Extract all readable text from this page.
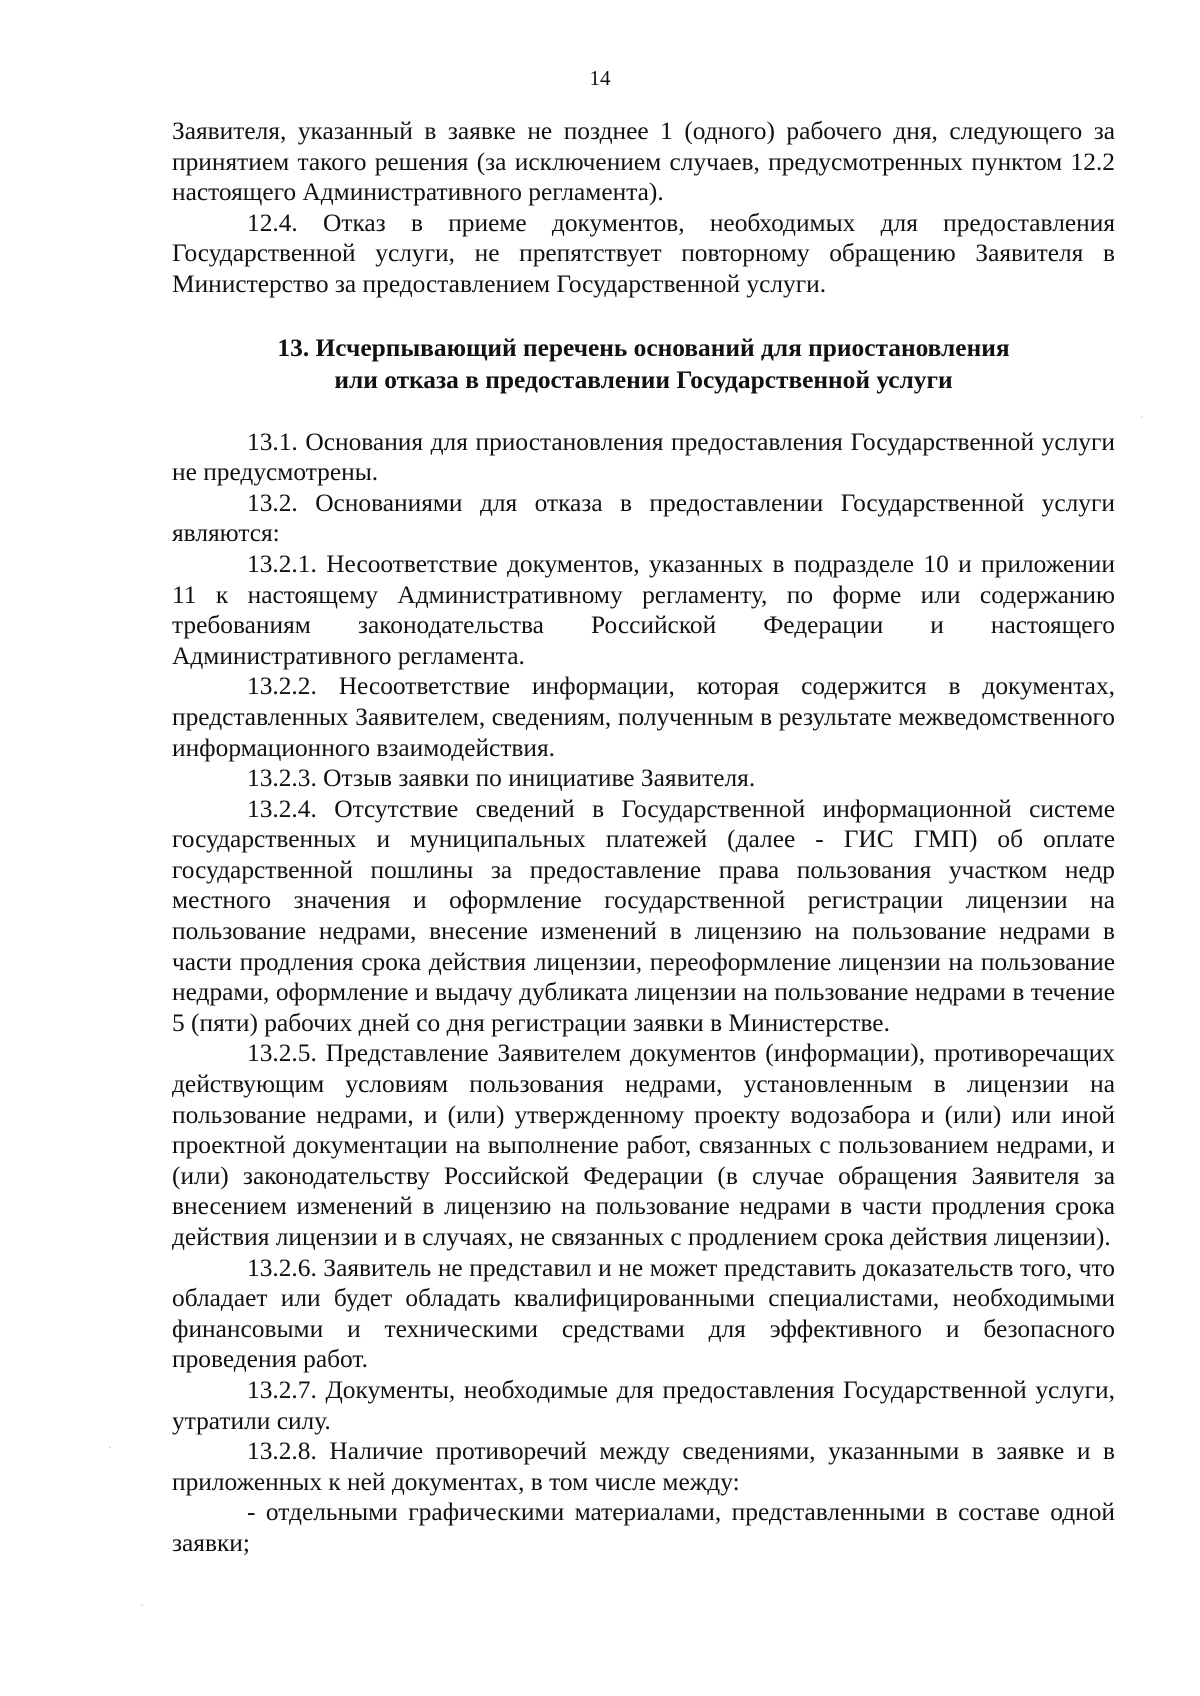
14

Заявителя, указанный в заявке не позднее 1 (одного) рабочего дня, следующего за принятием такого решения (за исключением случаев, предусмотренных пунктом 12.2 настоящего Административного регламента).

12.4. Отказ в приеме документов, необходимых для предоставления Государственной услуги, не препятствует повторному обращению Заявителя в Министерство за предоставлением Государственной услуги.

13. Исчерпывающий перечень оснований для приостановления
или отказа в предоставлении Государственной услуги

13.1. Основания для приостановления предоставления Государственной услуги не предусмотрены.

13.2. Основаниями для отказа в предоставлении Государственной услуги являются:

13.2.1. Несоответствие документов, указанных в подразделе 10 и приложении 11 к настоящему Административному регламенту, по форме или содержанию требованиям законодательства Российской Федерации и настоящего Административного регламента.

13.2.2. Несоответствие информации, которая содержится в документах, представленных Заявителем, сведениям, полученным в результате межведомственного информационного взаимодействия.

13.2.3. Отзыв заявки по инициативе Заявителя.

13.2.4. Отсутствие сведений в Государственной информационной системе государственных и муниципальных платежей (далее - ГИС ГМП) об оплате государственной пошлины за предоставление права пользования участком недр местного значения и оформление государственной регистрации лицензии на пользование недрами, внесение изменений в лицензию на пользование недрами в части продления срока действия лицензии, переоформление лицензии на пользование недрами, оформление и выдачу дубликата лицензии на пользование недрами в течение 5 (пяти) рабочих дней со дня регистрации заявки в Министерстве.

13.2.5. Представление Заявителем документов (информации), противоречащих действующим условиям пользования недрами, установленным в лицензии на пользование недрами, и (или) утвержденному проекту водозабора и (или) или иной проектной документации на выполнение работ, связанных с пользованием недрами, и (или) законодательству Российской Федерации (в случае обращения Заявителя за внесением изменений в лицензию на пользование недрами в части продления срока действия лицензии и в случаях, не связанных с продлением срока действия лицензии).

13.2.6. Заявитель не представил и не может представить доказательств того, что обладает или будет обладать квалифицированными специалистами, необходимыми финансовыми и техническими средствами для эффективного и безопасного проведения работ.

13.2.7. Документы, необходимые для предоставления Государственной услуги, утратили силу.

13.2.8. Наличие противоречий между сведениями, указанными в заявке и в приложенных к ней документах, в том числе между:

- отдельными графическими материалами, представленными в составе одной заявки;

·
·
·
